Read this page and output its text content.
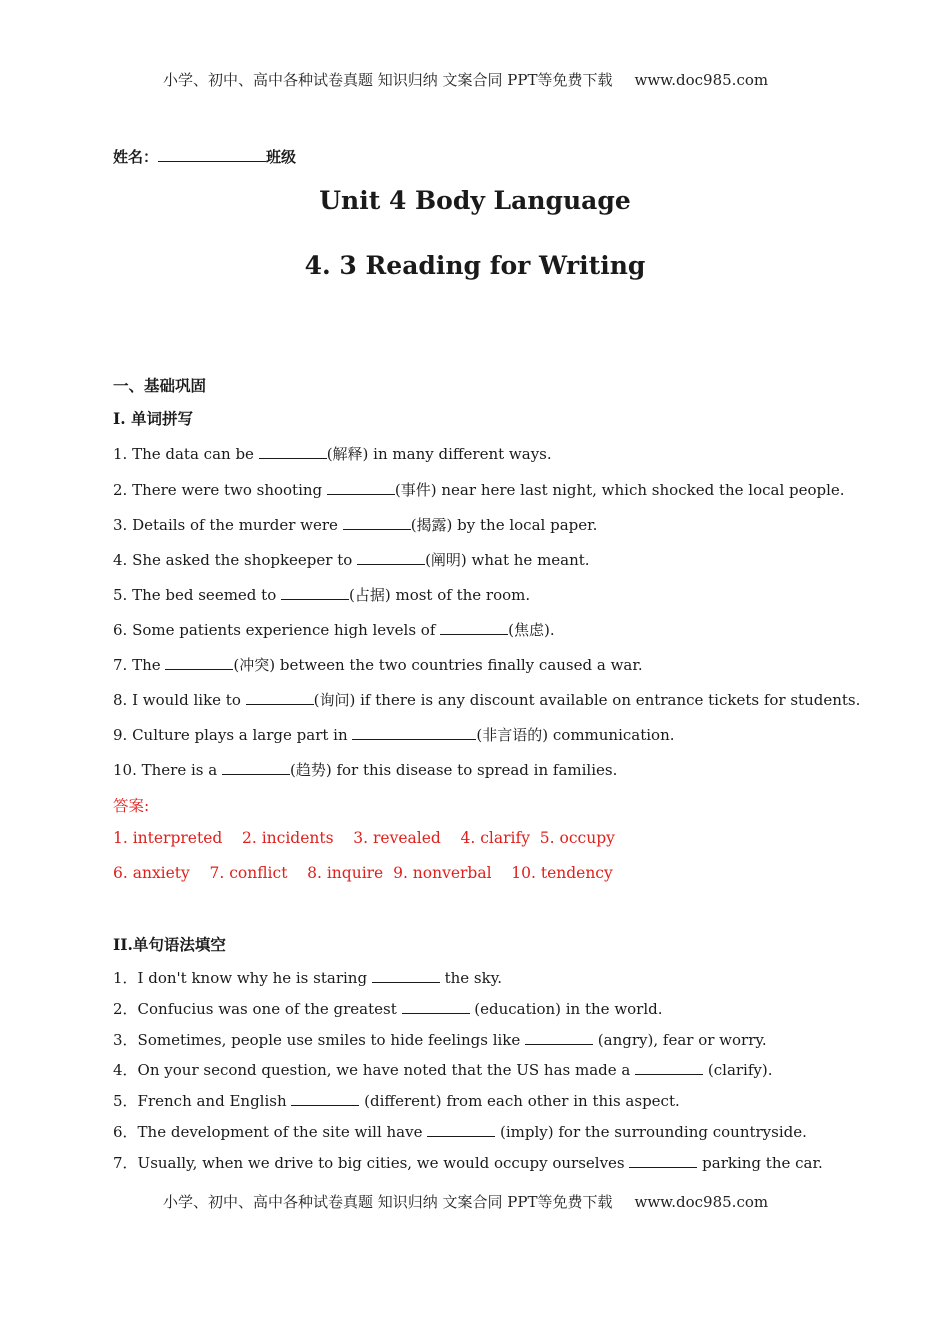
小学、初中、高中各种试卷真题 知识归纳 文案合同 PPT等免费下载 www.doc985.com
姓名：	班级
Unit 4 Body Language
4. 3 Reading for Writing
一、基础巩固
I. 单词拼写
1. The data can be	(解释) in many different ways.
2. There were two shooting	(事件) near here last night, which shocked the local people.
3. Details of the murder were	(揭露) by the local paper.
4. She asked the shopkeeper to	(阐明) what he meant.
5. The bed seemed to	(占据) most of the room.
6. Some patients experience high levels of	(焦虑).
7. The	(冲突) between the two countries finally caused a war.
8. I would like to	(询问) if there is any discount available on entrance tickets for students.
9. Culture plays a large part in	(非言语的) communication.
10. There is a	(趋势) for this disease to spread in families.
答案:
1. interpreted    2. incidents    3. revealed    4. clarify  5. occupy
6. anxiety    7. conflict    8. inquire  9. nonverbal    10. tendency
II.单句语法填空
1．I don't know why he is staring	the sky.
2．Confucius was one of the greatest	(education) in the world.
3．Sometimes, people use smiles to hide feelings like	(angry), fear or worry.
4．On your second question, we have noted that the US has made a	(clarify).
5．French and English	(different) from each other in this aspect.
6．The development of the site will have	(imply) for the surrounding countryside.
7．Usually, when we drive to big cities, we would occupy ourselves	parking the car.
小学、初中、高中各种试卷真题 知识归纳 文案合同 PPT等免费下载 www.doc985.com
